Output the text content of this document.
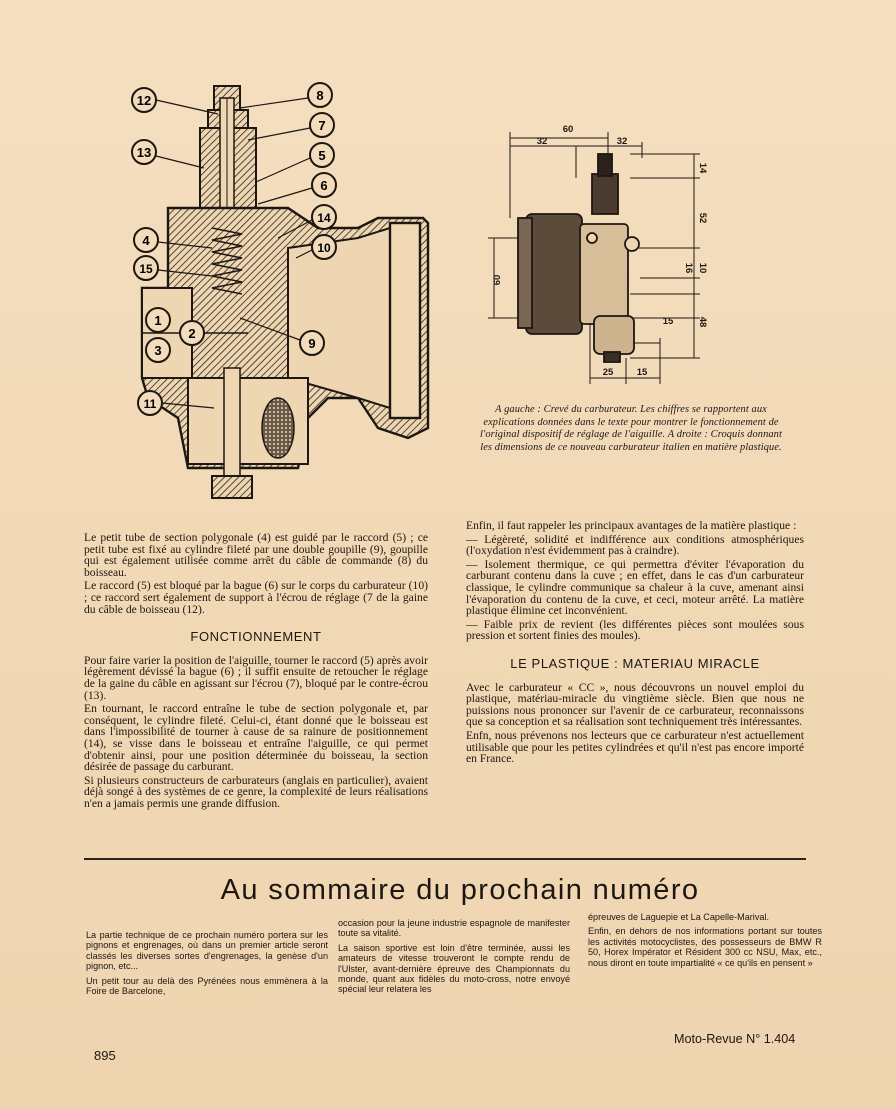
12	8
7
13	5
6
14
10
4
15
1
2
3	9
11
60
32	32
14
52
16 10
48
15
25 15
60
A gauche : Crevé du carburateur. Les chiffres se rapportent aux explications données dans le texte pour montrer le fonctionnement de l'original dispositif de réglage de l'aiguille. A droite : Croquis donnant les dimensions de ce nouveau carburateur italien en matière plastique.

Le petit tube de section polygonale (4) est guidé par le raccord (5) ; ce petit tube est fixé au cylindre fileté par une double goupille (9), goupille qui est également utilisée comme arrêt du câble de commande (8) du boisseau.

Le raccord (5) est bloqué par la bague (6) sur le corps du carburateur (10) ; ce raccord sert également de support à l'écrou de réglage (7 de la gaine du câble de boisseau (12).

FONCTIONNEMENT

Pour faire varier la position de l'aiguille, tourner le raccord (5) après avoir légèrement dévissé la bague (6) ; il suffit ensuite de retoucher le réglage de la gaine du câble en agissant sur l'écrou (7), bloqué par le contre-écrou (13).

En tournant, le raccord entraîne le tube de section polygonale et, par conséquent, le cylindre fileté. Celui-ci, étant donné que le boisseau est dans l'impossibilité de tourner à cause de sa rainure de positionnement (14), se visse dans le boisseau et entraîne l'aiguille, ce qui permet d'obtenir ainsi, pour une position déterminée du boisseau, la section désirée de passage du carburant.

Si plusieurs constructeurs de carburateurs (anglais en particulier), avaient déjà songé à des systèmes de ce genre, la complexité de leurs réalisations n'en a jamais permis une grande diffusion.

Enfin, il faut rappeler les principaux avantages de la matière plastique :

— Légèreté, solidité et indifférence aux conditions atmosphériques (l'oxydation n'est évidemment pas à craindre).

— Isolement thermique, ce qui permettra d'éviter l'évaporation du carburant contenu dans la cuve ; en effet, dans le cas d'un carburateur classique, le cylindre communique sa chaleur à la cuve, amenant ainsi l'évaporation du contenu de la cuve, et ceci, moteur arrêté. La matière plastique élimine cet inconvénient.

— Faible prix de revient (les différentes pièces sont moulées sous pression et sortent finies des moules).

LE PLASTIQUE : MATERIAU MIRACLE

Avec le carburateur « CC », nous découvrons un nouvel emploi du plastique, matériau-miracle du vingtième siècle. Bien que nous ne puissions nous prononcer sur l'avenir de ce carburateur, reconnaissons que sa conception et sa réalisation sont techniquement très intéressantes.

Enfn, nous prévenons nos lecteurs que ce carburateur n'est actuellement utilisable que pour les petites cylindrées et qu'il n'est pas encore importé en France.

Au sommaire du prochain numéro

La partie technique de ce prochain numéro portera sur les pignons et engrenages, où dans un premier article seront classés les diverses sortes d'engrenages, la genèse d'un pignon, etc...

Un petit tour au delà des Pyrénées nous emmènera à la Foire de Barcelone,

occasion pour la jeune industrie espagnole de manifester toute sa vitalité.

La saison sportive est loin d'être terminée, aussi les amateurs de vitesse trouveront le compte rendu de l'Ulster, avant-dernière épreuve des Championnats du monde, quant aux fidèles du moto-cross, notre envoyé spécial leur relatera les

épreuves de Laguepie et La Capelle-Marival.

Enfin, en dehors de nos informations portant sur toutes les activités motocyclistes, des possesseurs de BMW R 50, Horex Impérator et Résident 300 cc NSU, Max, etc., nous diront en toute impartialité « ce qu'ils en pensent »

895
Moto-Revue N° 1.404
